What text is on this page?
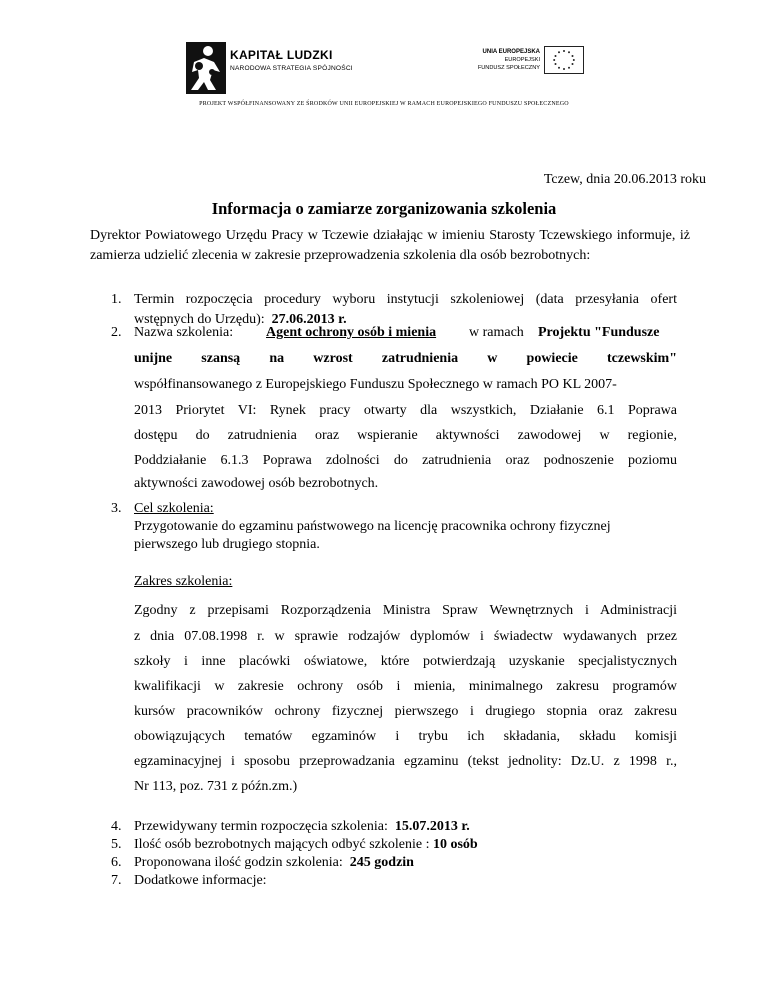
KAPITAŁ LUDZKI
NARODOWA STRATEGIA SPÓJNOŚCI
UNIA EUROPEJSKA
EUROPEJSKI
FUNDUSZ SPOŁECZNY
PROJEKT WSPÓŁFINANSOWANY ZE ŚRODKÓW UNII EUROPEJSKIEJ W RAMACH EUROPEJSKIEGO FUNDUSZU SPOŁECZNEGO
Tczew, dnia 20.06.2013 roku
Informacja o zamiarze zorganizowania szkolenia
Dyrektor Powiatowego Urzędu Pracy w Tczewie działając w imieniu Starosty Tczewskiego informuje, iż zamierza udzielić zlecenia w zakresie przeprowadzenia szkolenia dla osób bezrobotnych:
1. Termin rozpoczęcia procedury wyboru instytucji szkoleniowej (data przesyłania ofert
wstępnych do Urzędu): 27.06.2013 r.
2. Nazwa szkolenia: Agent ochrony osób i mienia w ramach Projektu "Fundusze
unijne szansą na wzrost zatrudnienia w powiecie tczewskim"
współfinansowanego z Europejskiego Funduszu Społecznego w ramach PO KL 2007-
2013 Priorytet VI: Rynek pracy otwarty dla wszystkich, Działanie 6.1 Poprawa
dostępu do zatrudnienia oraz wspieranie aktywności zawodowej w regionie,
Poddziałanie 6.1.3 Poprawa zdolności do zatrudnienia oraz podnoszenie poziomu
aktywności zawodowej osób bezrobotnych.
3. Cel szkolenia:
Przygotowanie do egzaminu państwowego na licencję pracownika ochrony fizycznej
pierwszego lub drugiego stopnia.
Zakres szkolenia:
Zgodny z przepisami Rozporządzenia Ministra Spraw Wewnętrznych i Administracji
z dnia 07.08.1998 r. w sprawie rodzajów dyplomów i świadectw wydawanych przez
szkoły i inne placówki oświatowe, które potwierdzają uzyskanie specjalistycznych
kwalifikacji w zakresie ochrony osób i mienia, minimalnego zakresu programów
kursów pracowników ochrony fizycznej pierwszego i drugiego stopnia oraz zakresu
obowiązujących tematów egzaminów i trybu ich składania, składu komisji
egzaminacyjnej i sposobu przeprowadzania egzaminu (tekst jednolity: Dz.U. z 1998 r.,
Nr 113, poz. 731 z późn.zm.)
4. Przewidywany termin rozpoczęcia szkolenia: 15.07.2013 r.
5. Ilość osób bezrobotnych mających odbyć szkolenie : 10 osób
6. Proponowana ilość godzin szkolenia: 245 godzin
7. Dodatkowe informacje:
